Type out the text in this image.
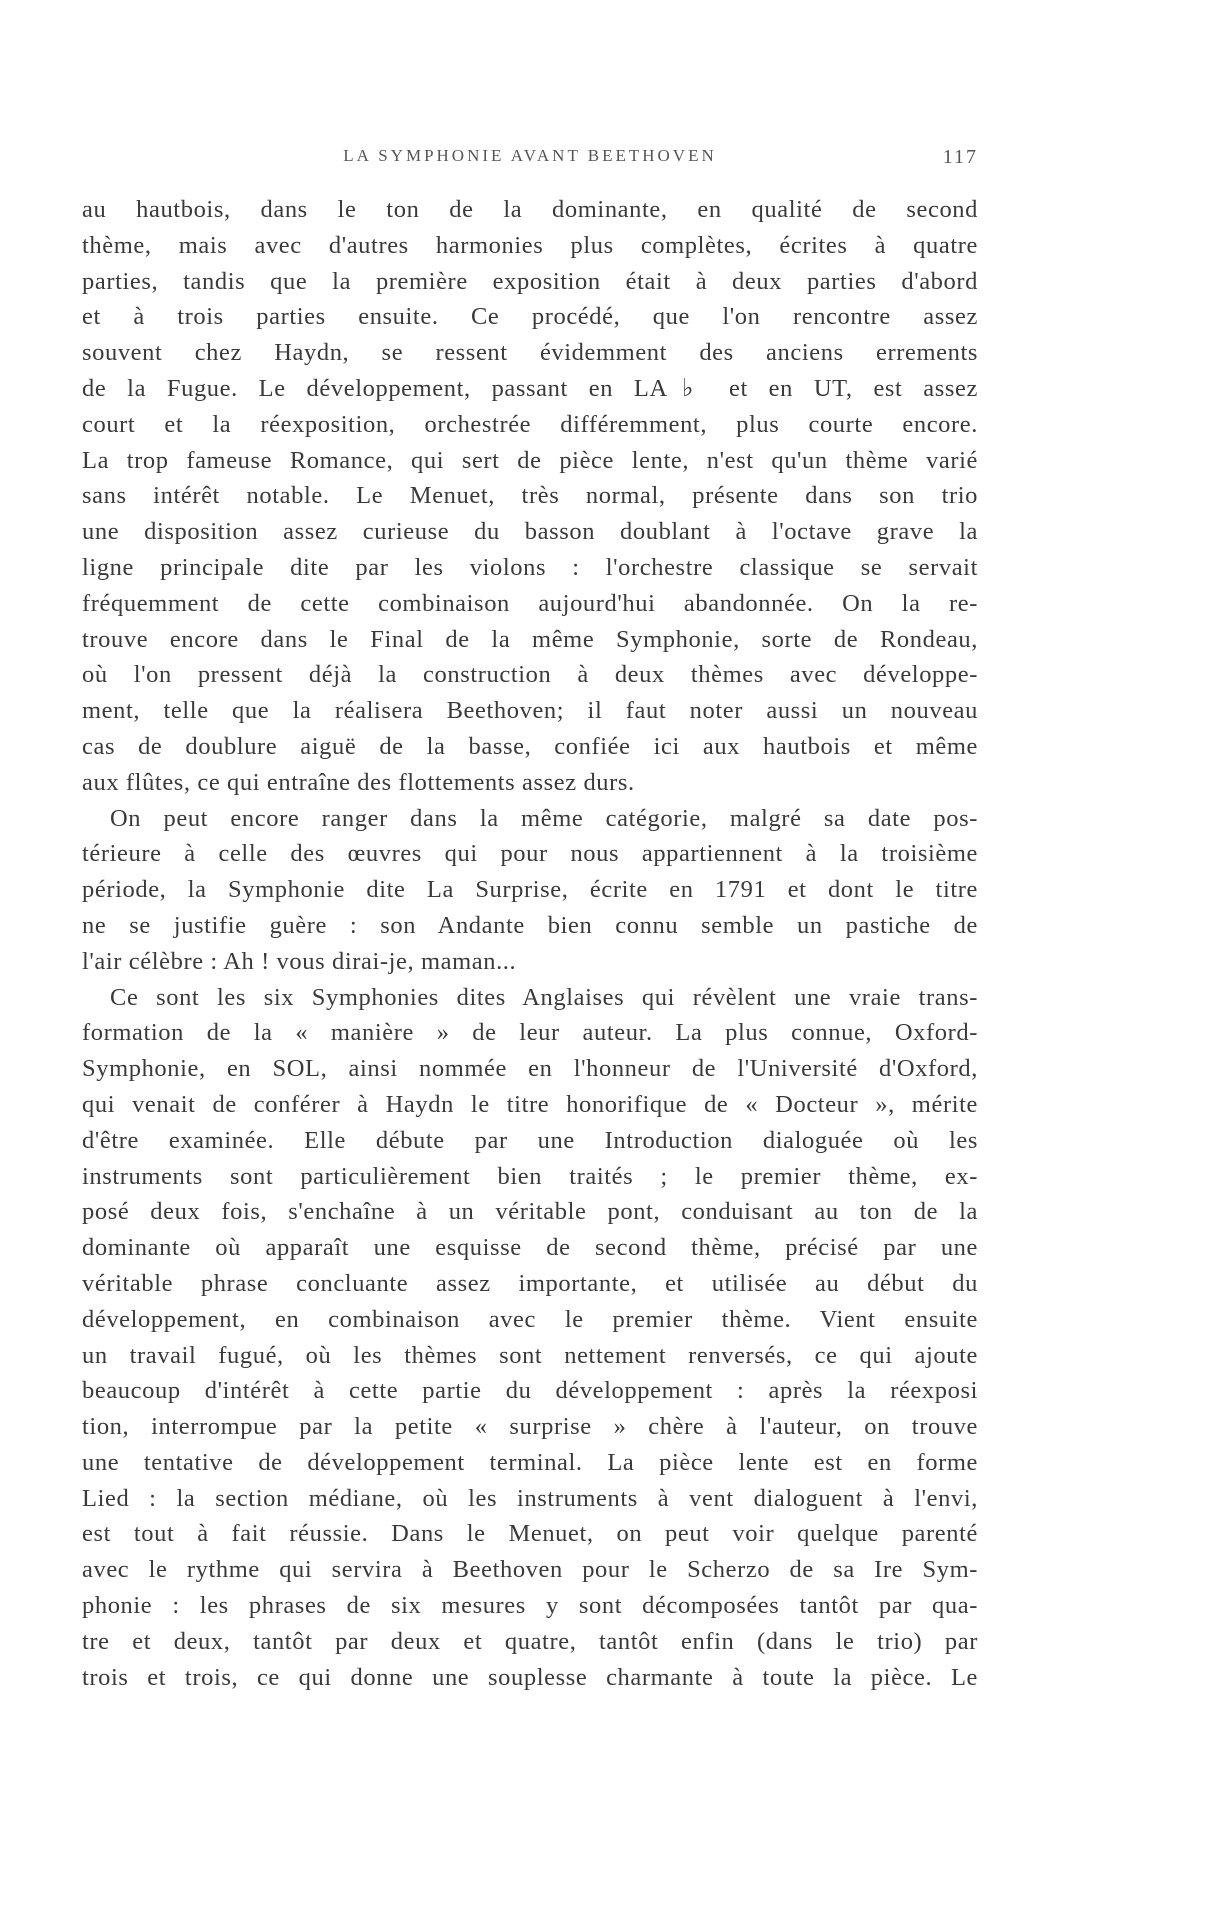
LA SYMPHONIE AVANT BEETHOVEN	117
au hautbois, dans le ton de la dominante, en qualité de second
thème, mais avec d'autres harmonies plus complètes, écrites à quatre
parties, tandis que la première exposition était à deux parties d'abord
et à trois parties ensuite. Ce procédé, que l'on rencontre assez
souvent chez Haydn, se ressent évidemment des anciens errements
de la Fugue. Le développement, passant en LA♭ et en UT, est assez
court et la réexposition, orchestrée différemment, plus courte encore.
La trop fameuse Romance, qui sert de pièce lente, n'est qu'un thème varié
sans intérêt notable. Le Menuet, très normal, présente dans son trio
une disposition assez curieuse du basson doublant à l'octave grave la
ligne principale dite par les violons : l'orchestre classique se servait
fréquemment de cette combinaison aujourd'hui abandonnée. On la re-
trouve encore dans le Final de la même Symphonie, sorte de Rondeau,
où l'on pressent déjà la construction à deux thèmes avec développe-
ment, telle que la réalisera Beethoven; il faut noter aussi un nouveau
cas de doublure aiguë de la basse, confiée ici aux hautbois et même
aux flûtes, ce qui entraîne des flottements assez durs.
On peut encore ranger dans la même catégorie, malgré sa date pos-
térieure à celle des œuvres qui pour nous appartiennent à la troisième
période, la Symphonie dite La Surprise, écrite en 1791 et dont le titre
ne se justifie guère : son Andante bien connu semble un pastiche de
l'air célèbre : Ah ! vous dirai-je, maman...
Ce sont les six Symphonies dites Anglaises qui révèlent une vraie trans-
formation de la « manière » de leur auteur. La plus connue, Oxford-
Symphonie, en SOL, ainsi nommée en l'honneur de l'Université d'Oxford,
qui venait de conférer à Haydn le titre honorifique de « Docteur », mérite
d'être examinée. Elle débute par une Introduction dialoguée où les
instruments sont particulièrement bien traités ; le premier thème, ex-
posé deux fois, s'enchaîne à un véritable pont, conduisant au ton de la
dominante où apparaît une esquisse de second thème, précisé par une
véritable phrase concluante assez importante, et utilisée au début du
développement, en combinaison avec le premier thème. Vient ensuite
un travail fugué, où les thèmes sont nettement renversés, ce qui ajoute
beaucoup d'intérêt à cette partie du développement : après la réexposi
tion, interrompue par la petite « surprise » chère à l'auteur, on trouve
une tentative de développement terminal. La pièce lente est en forme
Lied : la section médiane, où les instruments à vent dialoguent à l'envi,
est tout à fait réussie. Dans le Menuet, on peut voir quelque parenté
avec le rythme qui servira à Beethoven pour le Scherzo de sa Ire Sym-
phonie : les phrases de six mesures y sont décomposées tantôt par qua-
tre et deux, tantôt par deux et quatre, tantôt enfin (dans le trio) par
trois et trois, ce qui donne une souplesse charmante à toute la pièce. Le
